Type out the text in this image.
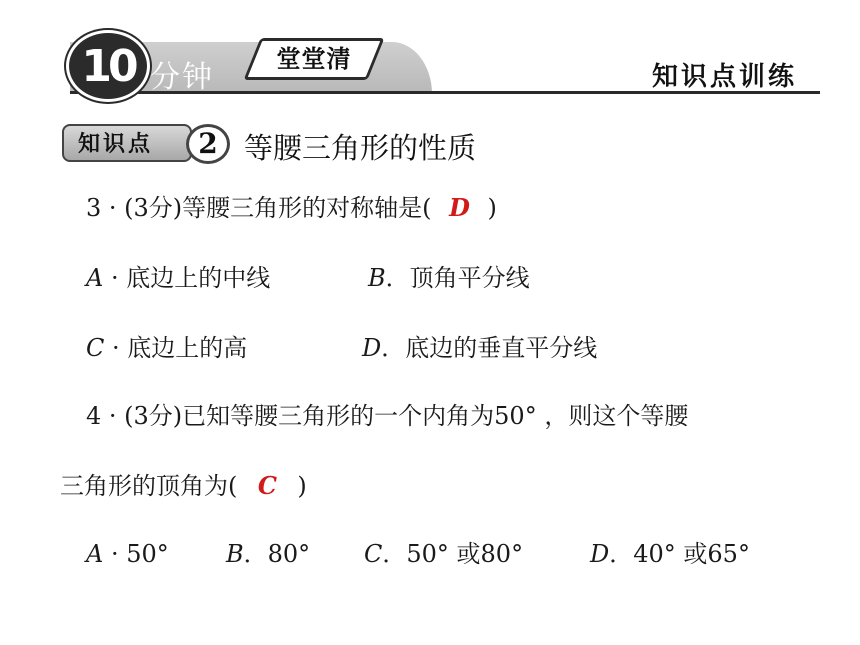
10 分钟
堂堂清
知识点训练
知识点	2 等腰三角形的性质
3 · (3分)等腰三角形的对称轴是( D )
A · 底边上的中线	B．顶角平分线
C · 底边上的高	D．底边的垂直平分线
4 · (3分)已知等腰三角形的一个内角为50° ，则这个等腰
三角形的顶角为( C )
A · 50° B．80° C．50° 或80°	D．40° 或65°
